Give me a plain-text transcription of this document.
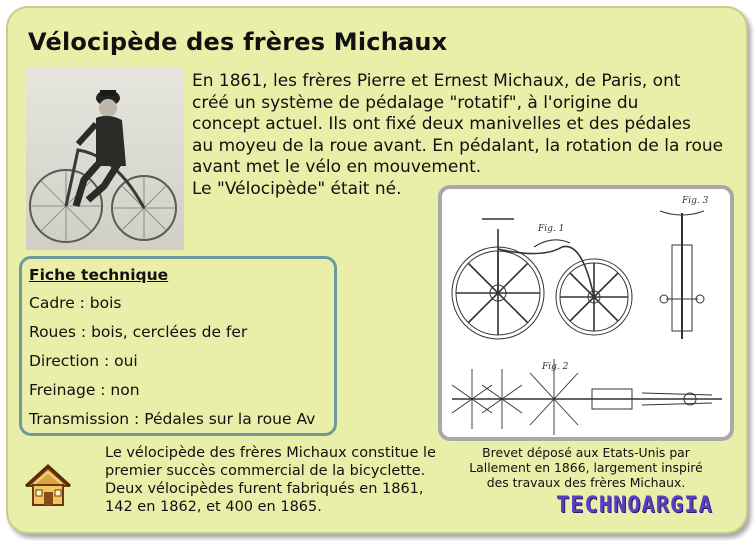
Vélocipède des frères Michaux

En 1861, les frères Pierre et Ernest Michaux, de Paris, ont
créé un système de pédalage "rotatif", à l'origine du
concept actuel. Ils ont fixé deux manivelles et des pédales
au moyeu de la roue avant. En pédalant, la rotation de la roue
avant met le vélo en mouvement.
Le "Vélocipède" était né.

Fiche technique
Cadre : bois
Roues : bois, cerclées de fer
Direction : oui
Freinage : non
Transmission : Pédales sur la roue Av
Fig. 1
Fig. 3
Fig. 2
Brevet déposé aux Etats-Unis par
Lallement en 1866, largement inspiré
des travaux des frères Michaux.
Le vélocipède des frères Michaux constitue le
premier succès commercial de la bicyclette.
Deux vélocipèdes furent fabriqués en 1861,
142 en 1862, et 400 en 1865.	TECHNOARGIA
